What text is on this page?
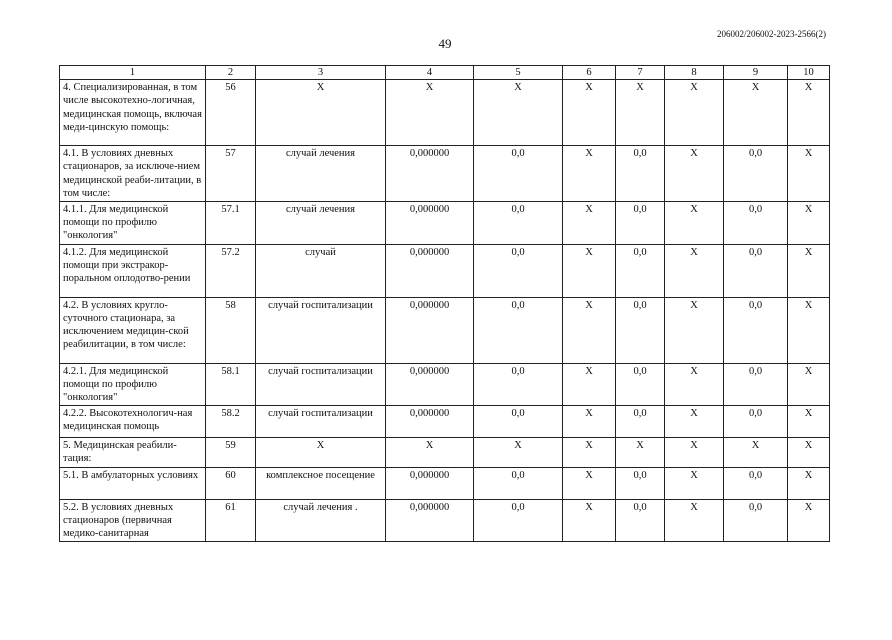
49
206002/206002-2023-2566(2)
1	2	3	4	5	6	7	8	9	10
4. Специализированная, в том числе высокотехно-логичная, медицинская помощь, включая меди-цинскую помощь:	56	Х	Х	Х	Х	Х	Х	Х	Х
4.1. В условиях дневных стационаров, за исключе-нием медицинской реаби-литации, в том числе:	57	случай лечения	0,000000	0,0	Х	0,0	Х	0,0	Х
4.1.1. Для медицинской помощи по профилю "онкология"	57.1	случай лечения	0,000000	0,0	Х	0,0	Х	0,0	Х
4.1.2. Для медицинской помощи при экстракор-поральном оплодотво-рении	57.2	случай	0,000000	0,0	Х	0,0	Х	0,0	Х
4.2. В условиях кругло-суточного стационара, за исключением медицин-ской реабилитации, в том числе:	58	случай госпитализации	0,000000	0,0	Х	0,0	Х	0,0	Х
4.2.1. Для медицинской помощи по профилю "онкология"	58.1	случай госпитализации	0,000000	0,0	Х	0,0	Х	0,0	Х
4.2.2. Высокотехнологич-ная медицинская помощь	58.2	случай госпитализации	0,000000	0,0	Х	0,0	Х	0,0	Х
5. Медицинская реабили-тация:	59	Х	Х	Х	Х	Х	Х	Х	Х
5.1. В амбулаторных условиях	60	комплексное посещение	0,000000	0,0	Х	0,0	Х	0,0	Х
5.2. В условиях дневных стационаров (первичная медико-санитарная	61	случай лечения .	0,000000	0,0	Х	0,0	Х	0,0	Х
